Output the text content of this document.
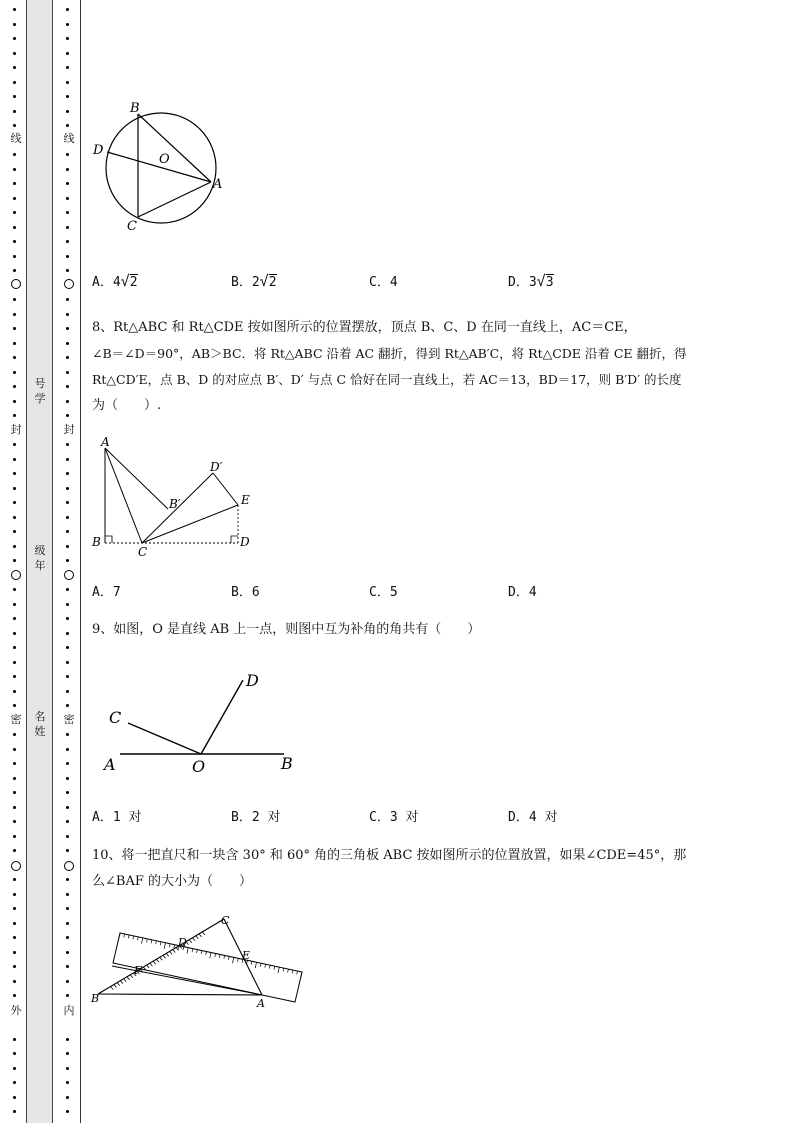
线
封
密
外
线
封
密
内
号
学
级
年
名
姓
B
D
O
A
C
A．4√2	B．2√2	C．4	D．3√3
8、Rt△ABC 和 Rt△CDE 按如图所示的位置摆放，顶点 B、C、D 在同一直线上，AC＝CE，
∠B＝∠D＝90°，AB＞BC．将 Rt△ABC 沿着 AC 翻折，得到 Rt△AB′C，将 Rt△CDE 沿着 CE 翻折，得
Rt△CD′E，点 B、D 的对应点 B′、D′ 与点 C 恰好在同一直线上，若 AC＝13，BD＝17，则 B′D′ 的长度
为（　　）.
A
D′
B′	E
B
C
D
A．7	B．6	C．5	D．4
9、如图，O 是直线 AB 上一点，则图中互为补角的角共有（　　）
C
D
A	O	B
A．1 对	B．2 对	C．3 对	D．4 对
10、将一把直尺和一块含 30° 和 60° 角的三角板 ABC 按如图所示的位置放置，如果∠CDE=45°，那
么∠BAF 的大小为（　　）
C
D
E
F
B	A
